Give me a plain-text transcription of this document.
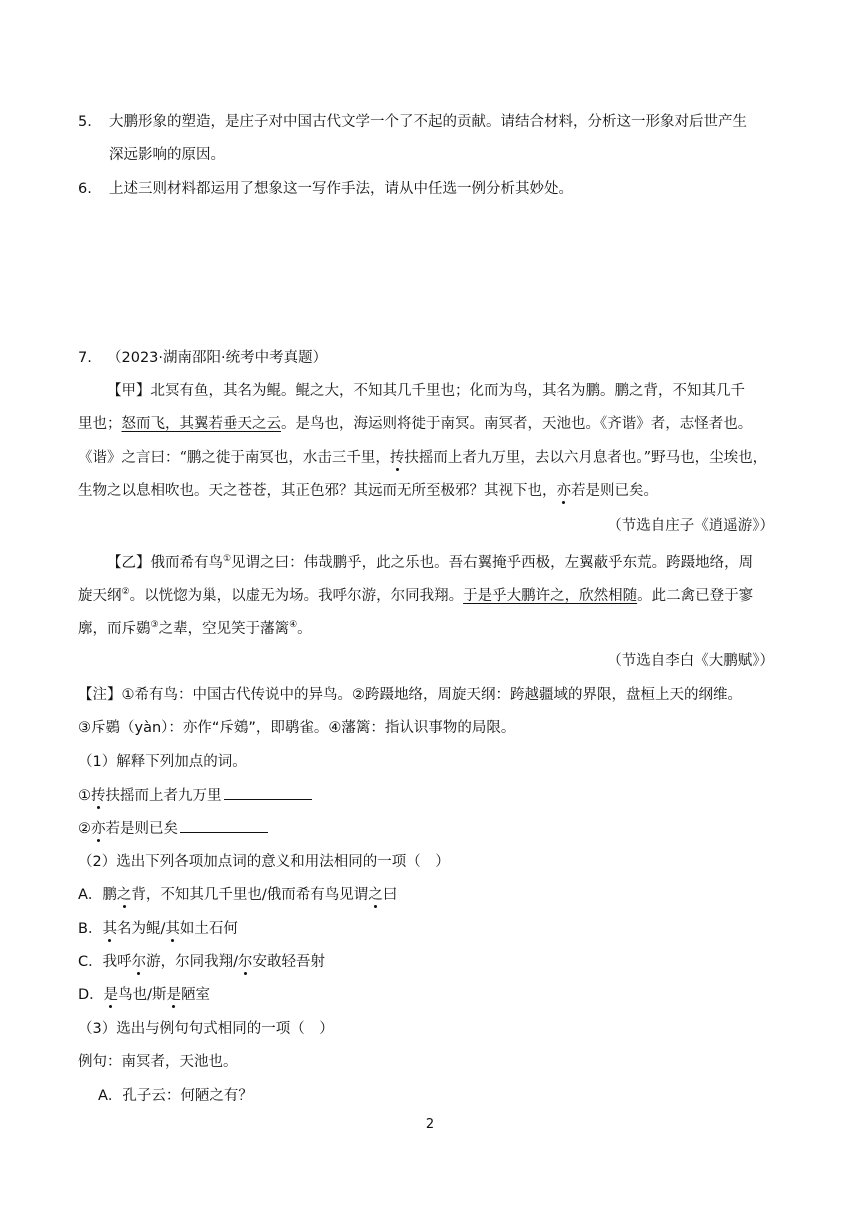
5. 大鹏形象的塑造，是庄子对中国古代文学一个了不起的贡献。请结合材料，分析这一形象对后世产生
深远影响的原因。
6. 上述三则材料都运用了想象这一写作手法，请从中任选一例分析其妙处。
7. （2023·湖南邵阳·统考中考真题）
【甲】北冥有鱼，其名为鲲。鲲之大，不知其几千里也；化而为鸟，其名为鹏。鹏之背，不知其几千
里也；怒而飞，其翼若垂天之云。是鸟也，海运则将徙于南冥。南冥者，天池也。《齐谐》者，志怪者也。
《谐》之言曰：“鹏之徙于南冥也，水击三千里，抟扶摇而上者九万里，去以六月息者也。”野马也，尘埃也，
生物之以息相吹也。天之苍苍，其正色邪？其远而无所至极邪？其视下也，亦若是则已矣。
（节选自庄子《逍遥游》）
【乙】俄而希有鸟①见谓之曰：伟哉鹏乎，此之乐也。吾右翼掩乎西极，左翼蔽乎东荒。跨蹑地络，周
旋天纲②。以恍惚为巢，以虚无为场。我呼尔游，尔同我翔。于是乎大鹏许之，欣然相随。此二禽已登于寥
廓，而斥鷃③之辈，空见笑于藩篱④。
（节选自李白《大鹏赋》）
【注】①希有鸟：中国古代传说中的异鸟。②跨蹑地络，周旋天纲：跨越疆域的界限，盘桓上天的纲维。
③斥鷃（yàn）：亦作“斥鴳”，即鹖雀。④藩篱：指认识事物的局限。
（1）解释下列加点的词。
①抟扶摇而上者九万里
②亦若是则已矣
（2）选出下列各项加点词的意义和用法相同的一项（　）
A．鹏之背，不知其几千里也/俄而希有鸟见谓之曰
B．其名为鲲/其如土石何
C．我呼尔游，尔同我翔/尔安敢轻吾射
D．是鸟也/斯是陋室
（3）选出与例句句式相同的一项（　）
例句：南冥者，天池也。
A．孔子云：何陋之有？
2
